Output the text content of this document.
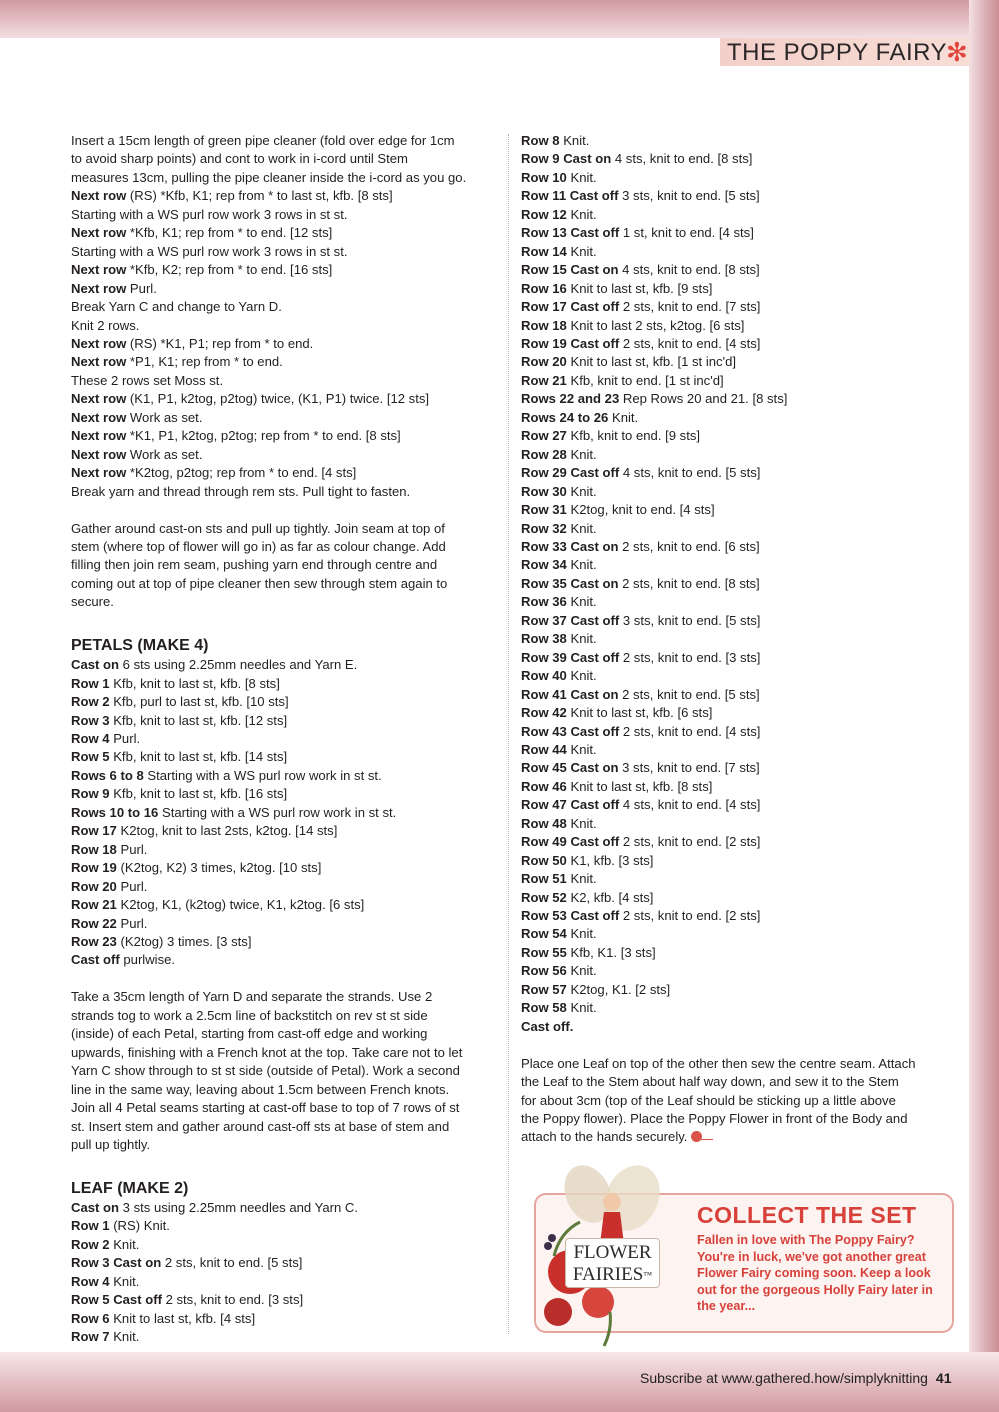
THE POPPY FAIRY
✻
Insert a 15cm length of green pipe cleaner (fold over edge for 1cm
to avoid sharp points) and cont to work in i-cord until Stem
measures 13cm, pulling the pipe cleaner inside the i-cord as you go.
Next row (RS) *Kfb, K1; rep from * to last st, kfb. [8 sts]
Starting with a WS purl row work 3 rows in st st.
Next row *Kfb, K1; rep from * to end. [12 sts]
Starting with a WS purl row work 3 rows in st st.
Next row *Kfb, K2; rep from * to end. [16 sts]
Next row Purl.
Break Yarn C and change to Yarn D.
Knit 2 rows.
Next row (RS) *K1, P1; rep from * to end.
Next row *P1, K1; rep from * to end.
These 2 rows set Moss st.
Next row (K1, P1, k2tog, p2tog) twice, (K1, P1) twice. [12 sts]
Next row Work as set.
Next row *K1, P1, k2tog, p2tog; rep from * to end. [8 sts]
Next row Work as set.
Next row *K2tog, p2tog; rep from * to end. [4 sts]
Break yarn and thread through rem sts. Pull tight to fasten.
Gather around cast-on sts and pull up tightly. Join seam at top of
stem (where top of flower will go in) as far as colour change. Add
filling then join rem seam, pushing yarn end through centre and
coming out at top of pipe cleaner then sew through stem again to
secure.
PETALS (MAKE 4)
Cast on 6 sts using 2.25mm needles and Yarn E.
Row 1 Kfb, knit to last st, kfb. [8 sts]
Row 2 Kfb, purl to last st, kfb. [10 sts]
Row 3 Kfb, knit to last st, kfb. [12 sts]
Row 4 Purl.
Row 5 Kfb, knit to last st, kfb. [14 sts]
Rows 6 to 8 Starting with a WS purl row work in st st.
Row 9 Kfb, knit to last st, kfb. [16 sts]
Rows 10 to 16 Starting with a WS purl row work in st st.
Row 17 K2tog, knit to last 2sts, k2tog. [14 sts]
Row 18 Purl.
Row 19 (K2tog, K2) 3 times, k2tog. [10 sts]
Row 20 Purl.
Row 21 K2tog, K1, (k2tog) twice, K1, k2tog. [6 sts]
Row 22 Purl.
Row 23 (K2tog) 3 times. [3 sts]
Cast off purlwise.
Take a 35cm length of Yarn D and separate the strands. Use 2
strands tog to work a 2.5cm line of backstitch on rev st st side
(inside) of each Petal, starting from cast-off edge and working
upwards, finishing with a French knot at the top. Take care not to let
Yarn C show through to st st side (outside of Petal). Work a second
line in the same way, leaving about 1.5cm between French knots.
Join all 4 Petal seams starting at cast-off base to top of 7 rows of st
st. Insert stem and gather around cast-off sts at base of stem and
pull up tightly.
LEAF (MAKE 2)
Cast on 3 sts using 2.25mm needles and Yarn C.
Row 1 (RS) Knit.
Row 2 Knit.
Row 3 Cast on 2 sts, knit to end. [5 sts]
Row 4 Knit.
Row 5 Cast off 2 sts, knit to end. [3 sts]
Row 6 Knit to last st, kfb. [4 sts]
Row 7 Knit.
Row 8 Knit.
Row 9 Cast on 4 sts, knit to end. [8 sts]
Row 10 Knit.
Row 11 Cast off 3 sts, knit to end. [5 sts]
Row 12 Knit.
Row 13 Cast off 1 st, knit to end. [4 sts]
Row 14 Knit.
Row 15 Cast on 4 sts, knit to end. [8 sts]
Row 16 Knit to last st, kfb. [9 sts]
Row 17 Cast off 2 sts, knit to end. [7 sts]
Row 18 Knit to last 2 sts, k2tog. [6 sts]
Row 19 Cast off 2 sts, knit to end. [4 sts]
Row 20 Knit to last st, kfb. [1 st inc'd]
Row 21 Kfb, knit to end. [1 st inc'd]
Rows 22 and 23 Rep Rows 20 and 21. [8 sts]
Rows 24 to 26 Knit.
Row 27 Kfb, knit to end. [9 sts]
Row 28 Knit.
Row 29 Cast off 4 sts, knit to end. [5 sts]
Row 30 Knit.
Row 31 K2tog, knit to end. [4 sts]
Row 32 Knit.
Row 33 Cast on 2 sts, knit to end. [6 sts]
Row 34 Knit.
Row 35 Cast on 2 sts, knit to end. [8 sts]
Row 36 Knit.
Row 37 Cast off 3 sts, knit to end. [5 sts]
Row 38 Knit.
Row 39 Cast off 2 sts, knit to end. [3 sts]
Row 40 Knit.
Row 41 Cast on 2 sts, knit to end. [5 sts]
Row 42 Knit to last st, kfb. [6 sts]
Row 43 Cast off 2 sts, knit to end. [4 sts]
Row 44 Knit.
Row 45 Cast on 3 sts, knit to end. [7 sts]
Row 46 Knit to last st, kfb. [8 sts]
Row 47 Cast off 4 sts, knit to end. [4 sts]
Row 48 Knit.
Row 49 Cast off 2 sts, knit to end. [2 sts]
Row 50 K1, kfb. [3 sts]
Row 51 Knit.
Row 52 K2, kfb. [4 sts]
Row 53 Cast off 2 sts, knit to end. [2 sts]
Row 54 Knit.
Row 55 Kfb, K1. [3 sts]
Row 56 Knit.
Row 57 K2tog, K1. [2 sts]
Row 58 Knit.
Cast off.
Place one Leaf on top of the other then sew the centre seam. Attach
the Leaf to the Stem about half way down, and sew it to the Stem
for about 3cm (top of the Leaf should be sticking up a little above
the Poppy flower). Place the Poppy Flower in front of the Body and
attach to the hands securely.
FLOWER
FAIRIES™
COLLECT THE SET
Fallen in love with The Poppy Fairy? You're in luck, we've got another great Flower Fairy coming soon. Keep a look out for the gorgeous Holly Fairy later in the year...
Subscribe at www.gathered.how/simplyknitting 41
